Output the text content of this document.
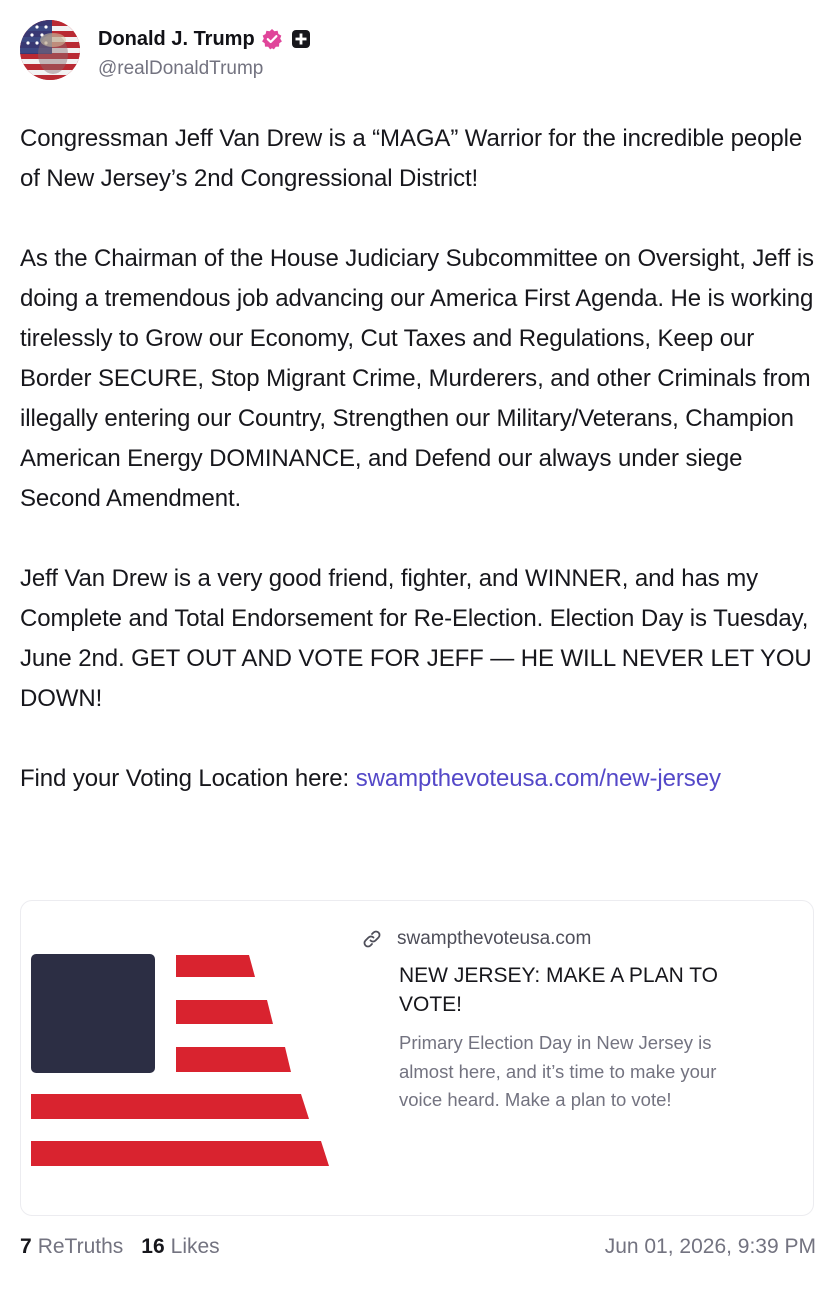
Donald J. Trump
@realDonaldTrump

Congressman Jeff Van Drew is a “MAGA” Warrior for the incredible people of New Jersey’s 2nd Congressional District!

As the Chairman of the House Judiciary Subcommittee on Oversight, Jeff is doing a tremendous job advancing our America First Agenda. He is working tirelessly to Grow our Economy, Cut Taxes and Regulations, Keep our Border SECURE, Stop Migrant Crime, Murderers, and other Criminals from illegally entering our Country, Strengthen our Military/Veterans, Champion American Energy DOMINANCE, and Defend our always under siege Second Amendment.

Jeff Van Drew is a very good friend, fighter, and WINNER, and has my Complete and Total Endorsement for Re-Election. Election Day is Tuesday, June 2nd. GET OUT AND VOTE FOR JEFF — HE WILL NEVER LET YOU DOWN!

Find your Voting Location here: swampthevoteusa.com/new-jersey

swampthevoteusa.com
NEW JERSEY: MAKE A PLAN TO VOTE!
Primary Election Day in New Jersey is almost here, and it’s time to make your voice heard. Make a plan to vote!
7 ReTruths 16 Likes	Jun 01, 2026, 9:39 PM
